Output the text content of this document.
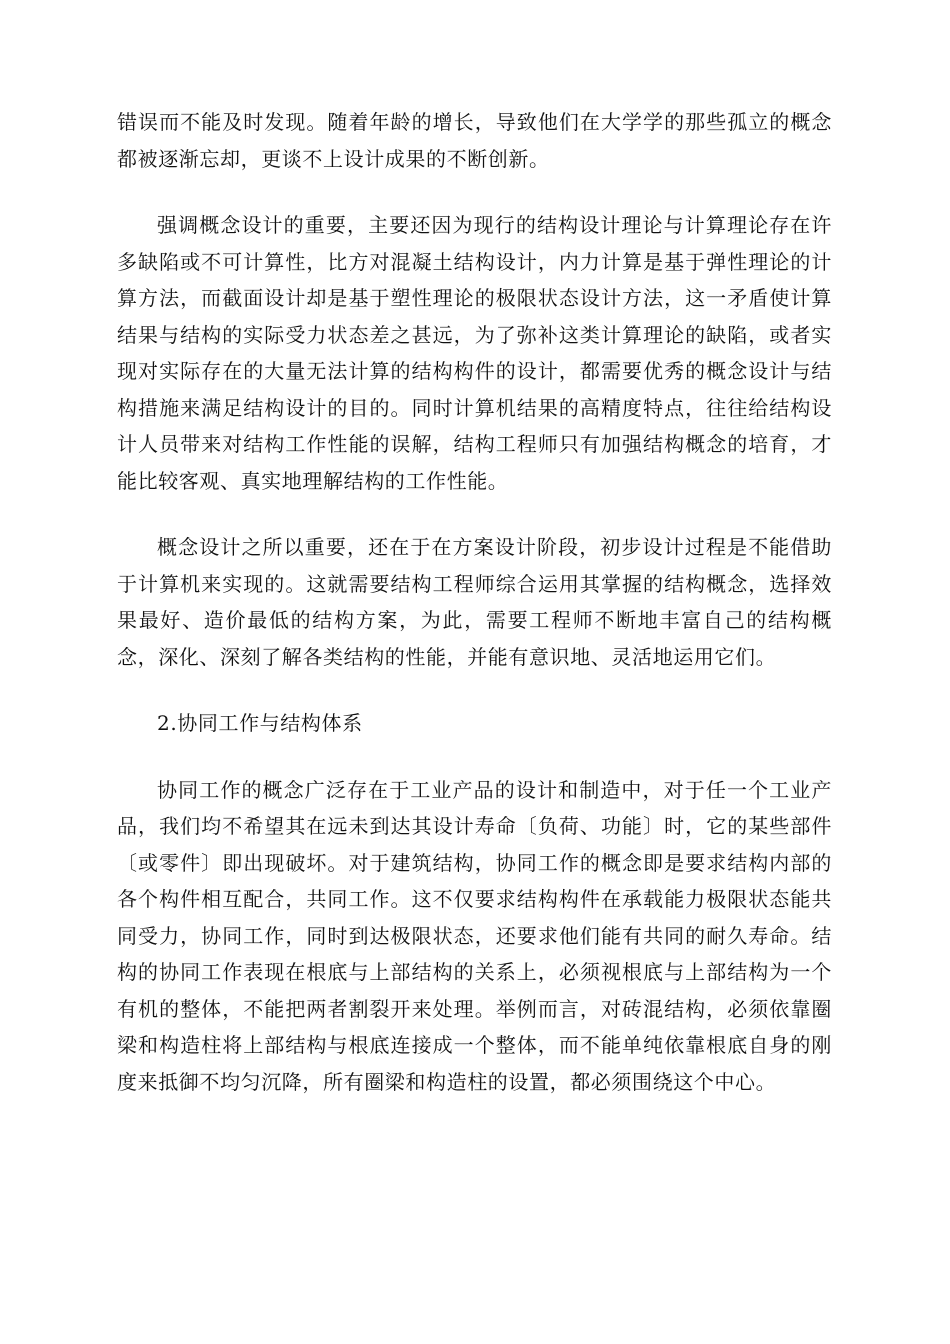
错误而不能及时发现。随着年龄的增长，导致他们在大学学的那些孤立的概念都被逐渐忘却，更谈不上设计成果的不断创新。

强调概念设计的重要，主要还因为现行的结构设计理论与计算理论存在许多缺陷或不可计算性，比方对混凝土结构设计，内力计算是基于弹性理论的计算方法，而截面设计却是基于塑性理论的极限状态设计方法，这一矛盾使计算结果与结构的实际受力状态差之甚远，为了弥补这类计算理论的缺陷，或者实现对实际存在的大量无法计算的结构构件的设计，都需要优秀的概念设计与结构措施来满足结构设计的目的。同时计算机结果的高精度特点，往往给结构设计人员带来对结构工作性能的误解，结构工程师只有加强结构概念的培育，才能比较客观、真实地理解结构的工作性能。

概念设计之所以重要，还在于在方案设计阶段，初步设计过程是不能借助于计算机来实现的。这就需要结构工程师综合运用其掌握的结构概念，选择效果最好、造价最低的结构方案，为此，需要工程师不断地丰富自己的结构概念，深化、深刻了解各类结构的性能，并能有意识地、灵活地运用它们。

2.协同工作与结构体系

协同工作的概念广泛存在于工业产品的设计和制造中，对于任一个工业产品，我们均不希望其在远未到达其设计寿命〔负荷、功能〕时，它的某些部件〔或零件〕即出现破坏。对于建筑结构，协同工作的概念即是要求结构内部的各个构件相互配合，共同工作。这不仅要求结构构件在承载能力极限状态能共同受力，协同工作，同时到达极限状态，还要求他们能有共同的耐久寿命。结构的协同工作表现在根底与上部结构的关系上，必须视根底与上部结构为一个有机的整体，不能把两者割裂开来处理。举例而言，对砖混结构，必须依靠圈梁和构造柱将上部结构与根底连接成一个整体，而不能单纯依靠根底自身的刚度来抵御不均匀沉降，所有圈梁和构造柱的设置，都必须围绕这个中心。
